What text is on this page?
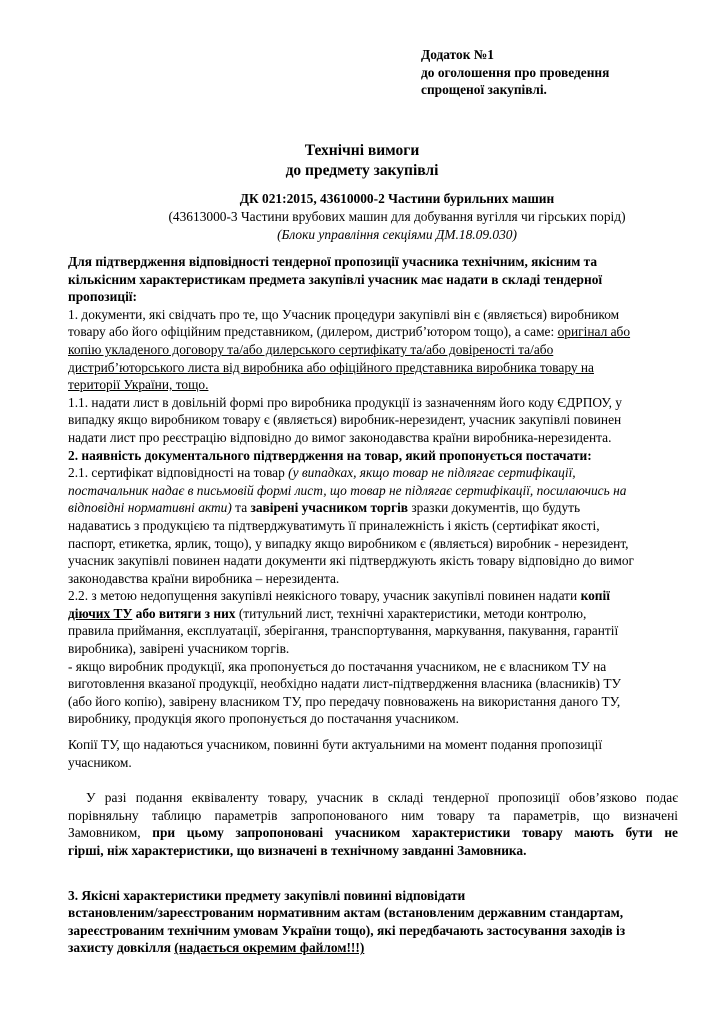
Додаток №1
до оголошення про проведення
спрощеної закупівлі.
Технічні вимоги
до предмету закупівлі
ДК 021:2015, 43610000-2 Частини бурильних машин
(43613000-3 Частини врубових машин для добування вугілля чи гірських порід)
(Блоки управління секціями ДМ.18.09.030)
Для підтвердження відповідності тендерної пропозиції учасника технічним, якісним та
кількісним характеристикам предмета закупівлі учасник має надати в складі тендерної
пропозиції:
1. документи, які свідчать про те, що Учасник процедури закупівлі він є (являється) виробником
товару або його офіційним представником, (дилером, дистриб’ютором тощо), а саме: оригінал або
копію укладеного договору та/або дилерського сертифікату та/або довіреності та/або
дистриб’юторського листа від виробника або офіційного представника виробника товару на
території України, тощо.
1.1. надати лист в довільній формі про виробника продукції із зазначенням його коду ЄДРПОУ, у
випадку якщо виробником товару є (являється) виробник-нерезидент, учасник закупівлі повинен
надати лист про реєстрацію відповідно до вимог законодавства країни виробника-нерезидента.
2. наявність документального підтвердження на товар, який пропонується постачати:
2.1. сертифікат відповідності на товар (у випадках, якщо товар не підлягає сертифікації,
постачальник надає в письмовій формі лист, що товар не підлягає сертифікації, посилаючись на
відповідні нормативні акти) та завірені учасником торгів зразки документів, що будуть
надаватись з продукцією та підтверджуватимуть її приналежність і якість (сертифікат якості,
паспорт, етикетка, ярлик, тощо), у випадку якщо виробником є (являється) виробник - нерезидент,
учасник закупівлі повинен надати документи які підтверджують якість товару відповідно до вимог
законодавства країни виробника – нерезидента.
2.2. з метою недопущення закупівлі неякісного товару, учасник закупівлі повинен надати копії
діючих ТУ або витяги з них (титульний лист, технічні характеристики, методи контролю,
правила приймання, експлуатації, зберігання, транспортування, маркування, пакування, гарантії
виробника), завірені учасником торгів.
- якщо виробник продукції, яка пропонується до постачання учасником, не є власником ТУ на
виготовлення вказаної продукції, необхідно надати лист-підтвердження власника (власників) ТУ
(або його копію), завірену власником ТУ, про передачу повноважень на використання даного ТУ,
виробнику, продукція якого пропонується до постачання учасником.
Копії ТУ, що надаються учасником, повинні бути актуальними на момент подання пропозиції
учасником.
У разі подання еквіваленту товару, учасник в складі тендерної пропозиції обов’язково подає
порівняльну таблицю параметрів запропонованого ним товару та параметрів, що визначені
Замовником, при цьому запропоновані учасником характеристики товару мають бути не
гірші, ніж характеристики, що визначені в технічному завданні Замовника.
3. Якісні характеристики предмету закупівлі повинні відповідати
встановленим/зареєстрованим нормативним актам (встановленим державним стандартам,
зареєстрованим технічним умовам України тощо), які передбачають застосування заходів із
захисту довкілля (надається окремим файлом!!!)
